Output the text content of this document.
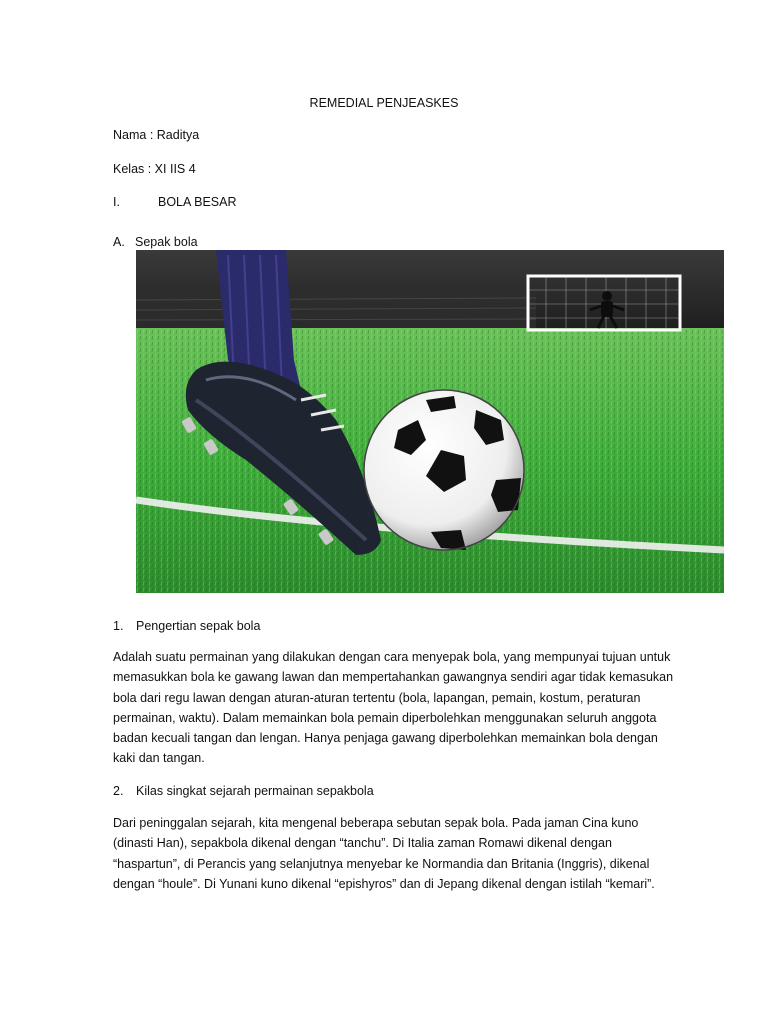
REMEDIAL PENJEASKES
Nama : Raditya
Kelas : XI IIS 4
I.	BOLA BESAR
A. Sepak bola
1. Pengertian sepak bola
Adalah suatu permainan yang dilakukan dengan cara menyepak bola, yang mempunyai tujuan untuk
memasukkan bola ke gawang lawan dan mempertahankan gawangnya sendiri agar tidak kemasukan
bola dari regu lawan dengan aturan-aturan tertentu (bola, lapangan, pemain, kostum, peraturan
permainan, waktu). Dalam memainkan bola pemain diperbolehkan menggunakan seluruh anggota
badan kecuali tangan dan lengan. Hanya penjaga gawang diperbolehkan memainkan bola dengan
kaki dan tangan.
2. Kilas singkat sejarah permainan sepakbola
Dari peninggalan sejarah, kita mengenal beberapa sebutan sepak bola. Pada jaman Cina kuno
(dinasti Han), sepakbola dikenal dengan “tanchu”. Di Italia zaman Romawi dikenal dengan
“haspartun”, di Perancis yang selanjutnya menyebar ke Normandia dan Britania (Inggris), dikenal
dengan “houle”. Di Yunani kuno dikenal “epishyros” dan di Jepang dikenal dengan istilah “kemari”.
